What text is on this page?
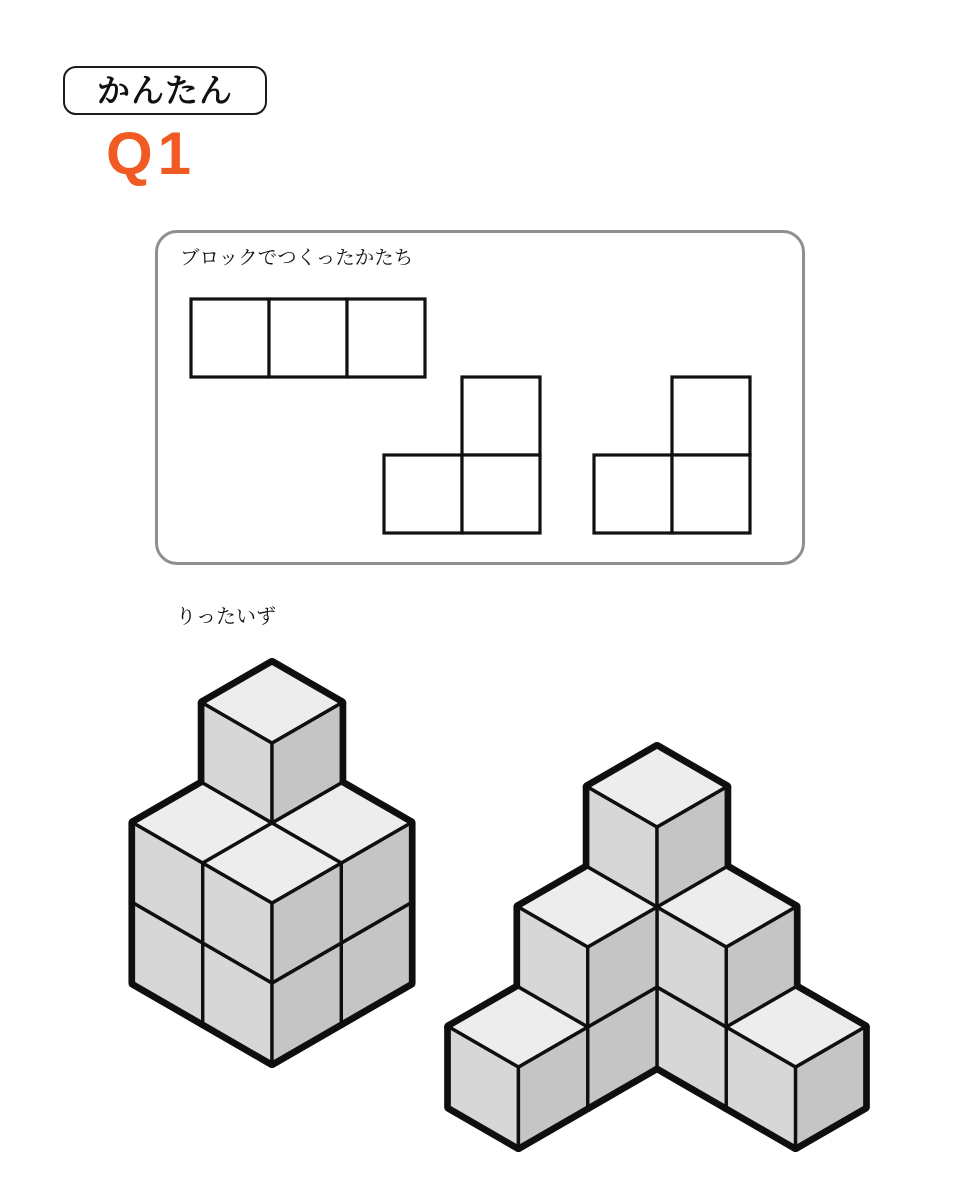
かんたん
Q1
ブロックでつくったかたち
りったいず
